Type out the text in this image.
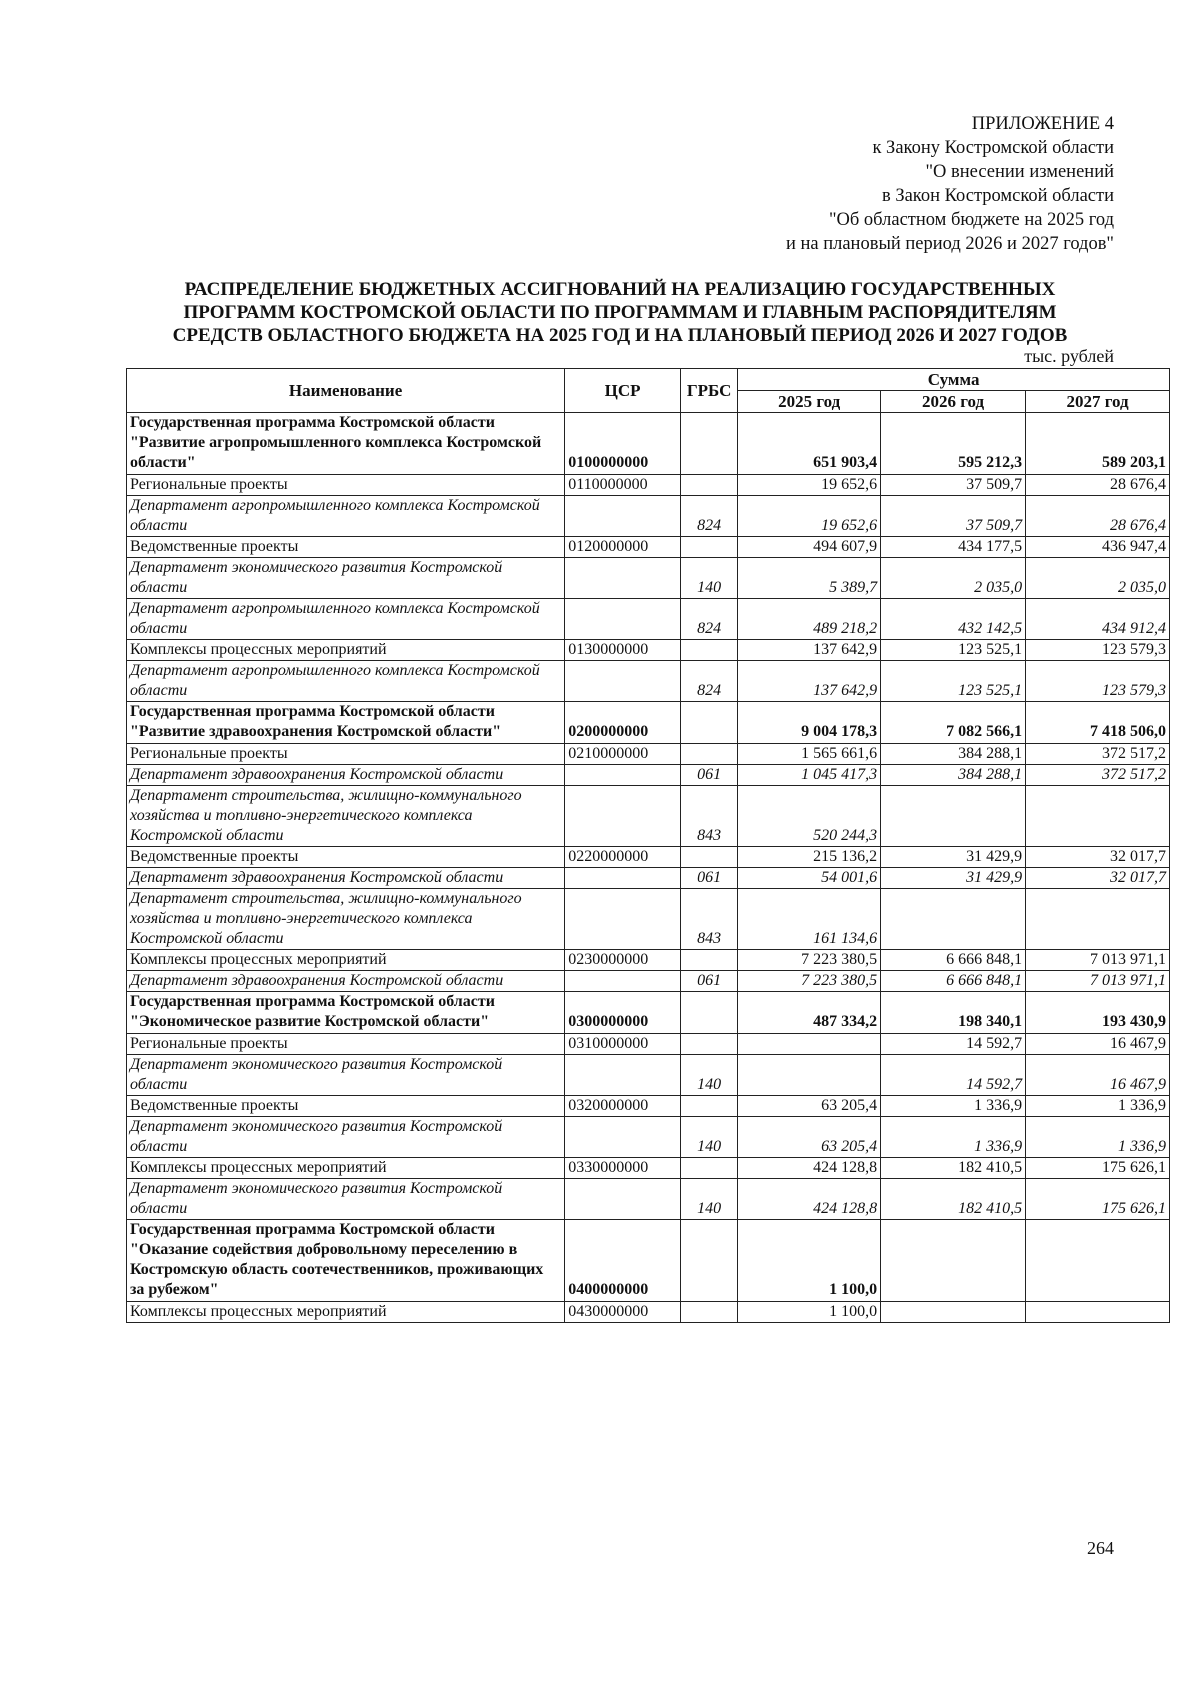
ПРИЛОЖЕНИЕ 4
к Закону Костромской области
"О внесении изменений
в Закон Костромской области
"Об областном бюджете на 2025 год
и на плановый период 2026 и 2027 годов"
РАСПРЕДЕЛЕНИЕ БЮДЖЕТНЫХ АССИГНОВАНИЙ НА РЕАЛИЗАЦИЮ ГОСУДАРСТВЕННЫХ
ПРОГРАММ КОСТРОМСКОЙ ОБЛАСТИ ПО ПРОГРАММАМ И ГЛАВНЫМ РАСПОРЯДИТЕЛЯМ
СРЕДСТВ ОБЛАСТНОГО БЮДЖЕТА НА 2025 ГОД И НА ПЛАНОВЫЙ ПЕРИОД 2026 И 2027 ГОДОВ
тыс. рублей
Наименование	ЦСР	ГРБС	Сумма		
			2025 год	2026 год	2027 год
Государственная программа Костромской области "Развитие агропромышленного комплекса Костромской области"	0100000000		651 903,4	595 212,3	589 203,1
Региональные проекты	0110000000		19 652,6	37 509,7	28 676,4
Департамент агропромышленного комплекса Костромской области		824	19 652,6	37 509,7	28 676,4
Ведомственные проекты	0120000000		494 607,9	434 177,5	436 947,4
Департамент экономического развития Костромской области		140	5 389,7	2 035,0	2 035,0
Департамент агропромышленного комплекса Костромской области		824	489 218,2	432 142,5	434 912,4
Комплексы процессных мероприятий	0130000000		137 642,9	123 525,1	123 579,3
Департамент агропромышленного комплекса Костромской области		824	137 642,9	123 525,1	123 579,3
Государственная программа Костромской области "Развитие здравоохранения Костромской области"	0200000000		9 004 178,3	7 082 566,1	7 418 506,0
Региональные проекты	0210000000		1 565 661,6	384 288,1	372 517,2
Департамент здравоохранения Костромской области		061	1 045 417,3	384 288,1	372 517,2
Департамент строительства, жилищно-коммунального хозяйства и топливно-энергетического комплекса Костромской области		843	520 244,3		
Ведомственные проекты	0220000000		215 136,2	31 429,9	32 017,7
Департамент здравоохранения Костромской области		061	54 001,6	31 429,9	32 017,7
Департамент строительства, жилищно-коммунального хозяйства и топливно-энергетического комплекса Костромской области		843	161 134,6		
Комплексы процессных мероприятий	0230000000		7 223 380,5	6 666 848,1	7 013 971,1
Департамент здравоохранения Костромской области		061	7 223 380,5	6 666 848,1	7 013 971,1
Государственная программа Костромской области "Экономическое развитие Костромской области"	0300000000		487 334,2	198 340,1	193 430,9
Региональные проекты	0310000000			14 592,7	16 467,9
Департамент экономического развития Костромской области		140		14 592,7	16 467,9
Ведомственные проекты	0320000000		63 205,4	1 336,9	1 336,9
Департамент экономического развития Костромской области		140	63 205,4	1 336,9	1 336,9
Комплексы процессных мероприятий	0330000000		424 128,8	182 410,5	175 626,1
Департамент экономического развития Костромской области		140	424 128,8	182 410,5	175 626,1
Государственная программа Костромской области "Оказание содействия добровольному переселению в Костромскую область соотечественников, проживающих за рубежом"	0400000000		1 100,0		
Комплексы процессных мероприятий	0430000000		1 100,0		
264
